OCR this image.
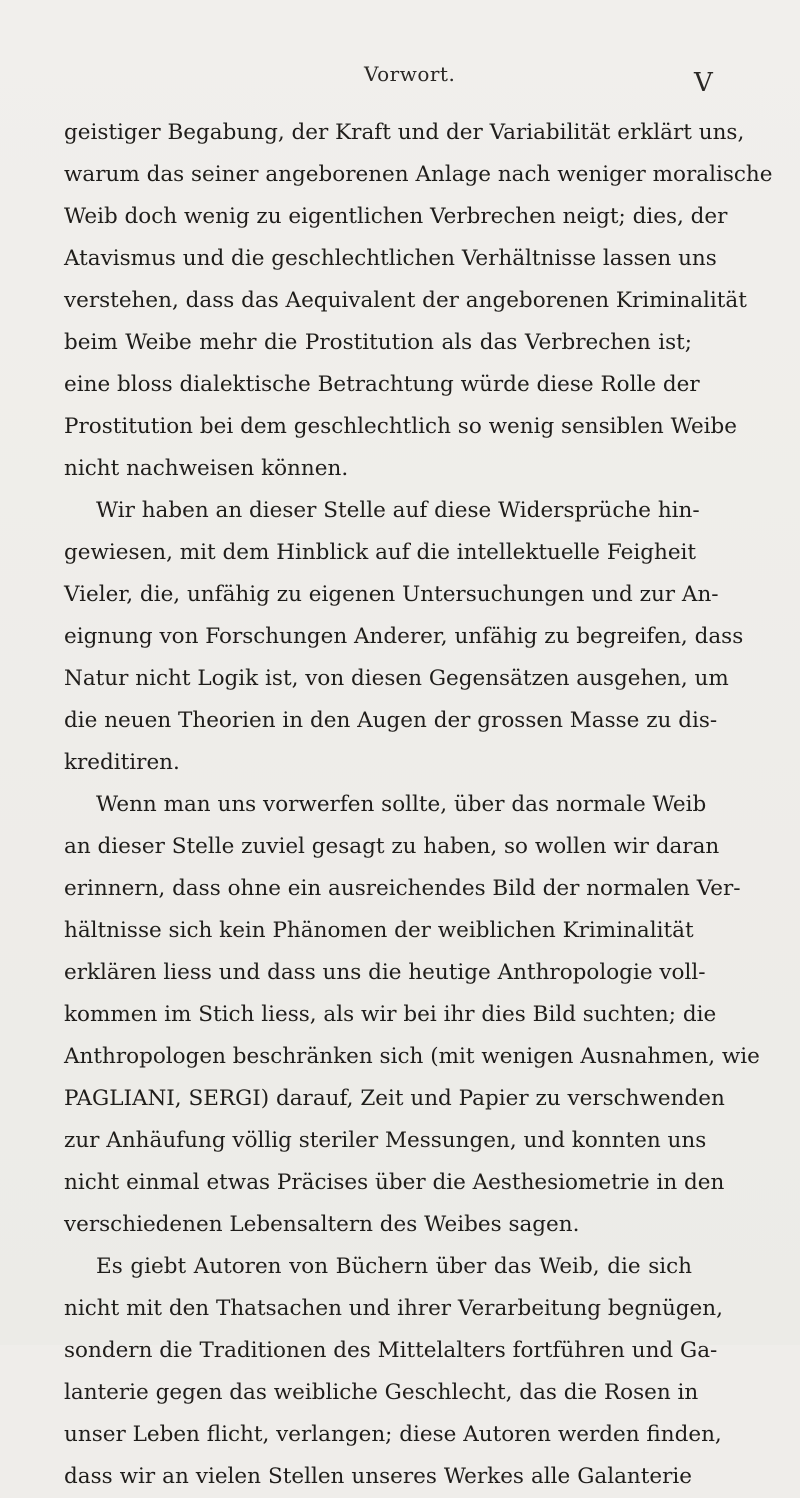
Vorwort.	V
geistiger Begabung, der Kraft und der Variabilität erklärt uns,
warum das seiner angeborenen Anlage nach weniger moralische
Weib doch wenig zu eigentlichen Verbrechen neigt; dies, der
Atavismus und die geschlechtlichen Verhältnisse lassen uns
verstehen, dass das Aequivalent der angeborenen Kriminalität
beim Weibe mehr die Prostitution als das Verbrechen ist;
eine bloss dialektische Betrachtung würde diese Rolle der
Prostitution bei dem geschlechtlich so wenig sensiblen Weibe
nicht nachweisen können.
Wir haben an dieser Stelle auf diese Widersprüche hin-
gewiesen, mit dem Hinblick auf die intellektuelle Feigheit
Vieler, die, unfähig zu eigenen Untersuchungen und zur An-
eignung von Forschungen Anderer, unfähig zu begreifen, dass
Natur nicht Logik ist, von diesen Gegensätzen ausgehen, um
die neuen Theorien in den Augen der grossen Masse zu dis-
kreditiren.
Wenn man uns vorwerfen sollte, über das normale Weib
an dieser Stelle zuviel gesagt zu haben, so wollen wir daran
erinnern, dass ohne ein ausreichendes Bild der normalen Ver-
hältnisse sich kein Phänomen der weiblichen Kriminalität
erklären liess und dass uns die heutige Anthropologie voll-
kommen im Stich liess, als wir bei ihr dies Bild suchten; die
Anthropologen beschränken sich (mit wenigen Ausnahmen, wie
PAGLIANI, SERGI) darauf, Zeit und Papier zu verschwenden
zur Anhäufung völlig steriler Messungen, und konnten uns
nicht einmal etwas Präcises über die Aesthesiometrie in den
verschiedenen Lebensaltern des Weibes sagen.
Es giebt Autoren von Büchern über das Weib, die sich
nicht mit den Thatsachen und ihrer Verarbeitung begnügen,
sondern die Traditionen des Mittelalters fortführen und Ga-
lanterie gegen das weibliche Geschlecht, das die Rosen in
unser Leben flicht, verlangen; diese Autoren werden finden,
dass wir an vielen Stellen unseres Werkes alle Galanterie
